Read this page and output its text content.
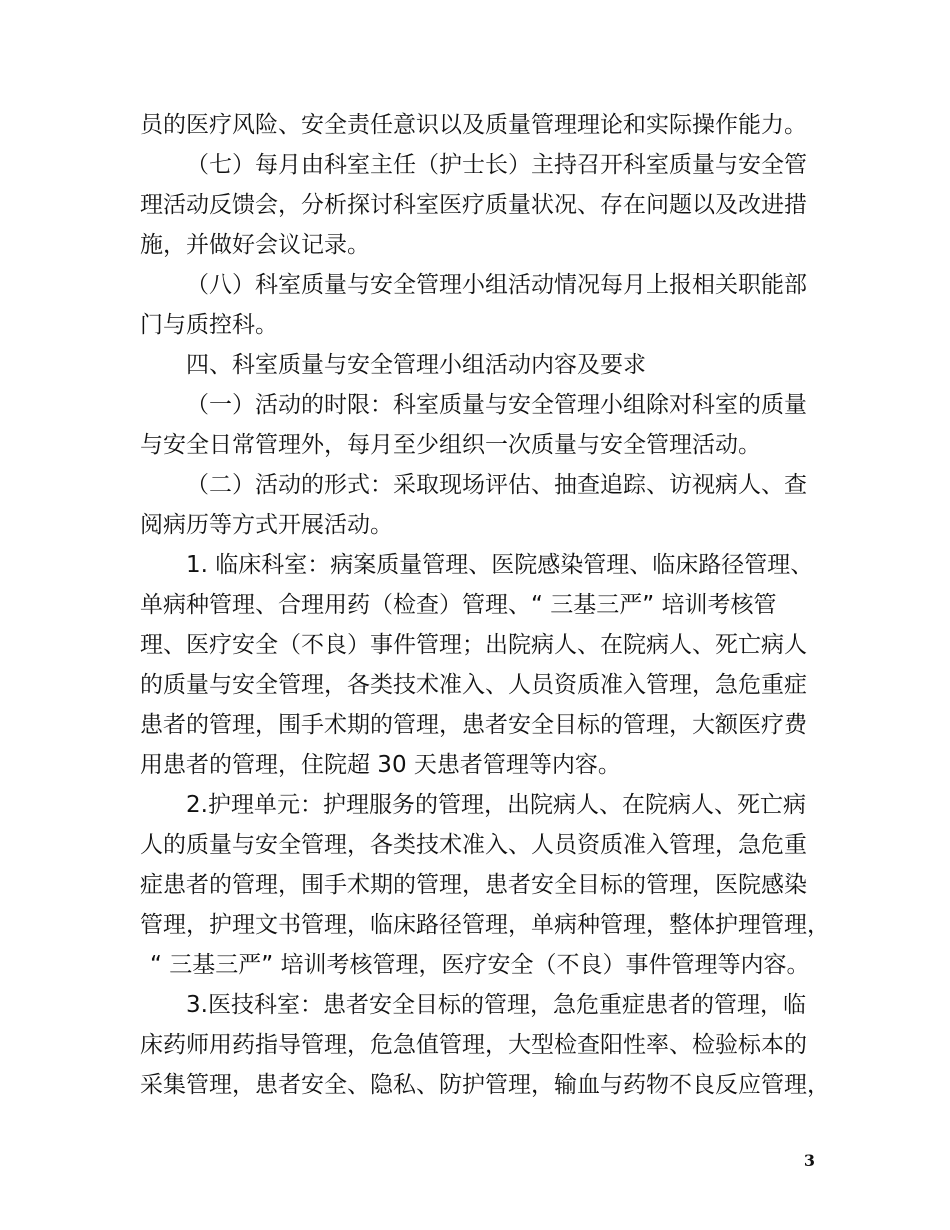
员的医疗风险、安全责任意识以及质量管理理论和实际操作能力。

（七）每月由科室主任（护士长）主持召开科室质量与安全管

理活动反馈会，分析探讨科室医疗质量状况、存在问题以及改进措

施，并做好会议记录。

（八）科室质量与安全管理小组活动情况每月上报相关职能部

门与质控科。

四、科室质量与安全管理小组活动内容及要求

（一）活动的时限：科室质量与安全管理小组除对科室的质量

与安全日常管理外，每月至少组织一次质量与安全管理活动。

（二）活动的形式：采取现场评估、抽查追踪、访视病人、查

阅病历等方式开展活动。

1. 临床科室：病案质量管理、医院感染管理、临床路径管理、

单病种管理、合理用药（检查）管理、“ 三基三严” 培训考核管

理、医疗安全（不良）事件管理；出院病人、在院病人、死亡病人

的质量与安全管理，各类技术准入、人员资质准入管理，急危重症

患者的管理，围手术期的管理，患者安全目标的管理，大额医疗费

用患者的管理，住院超 30 天患者管理等内容。

2.护理单元：护理服务的管理，出院病人、在院病人、死亡病

人的质量与安全管理，各类技术准入、人员资质准入管理，急危重

症患者的管理，围手术期的管理，患者安全目标的管理，医院感染

管理，护理文书管理，临床路径管理，单病种管理，整体护理管理，

“ 三基三严” 培训考核管理，医疗安全（不良）事件管理等内容。

3.医技科室：患者安全目标的管理，急危重症患者的管理，临

床药师用药指导管理，危急值管理，大型检查阳性率、检验标本的

采集管理，患者安全、隐私、防护管理，输血与药物不良反应管理，

3
